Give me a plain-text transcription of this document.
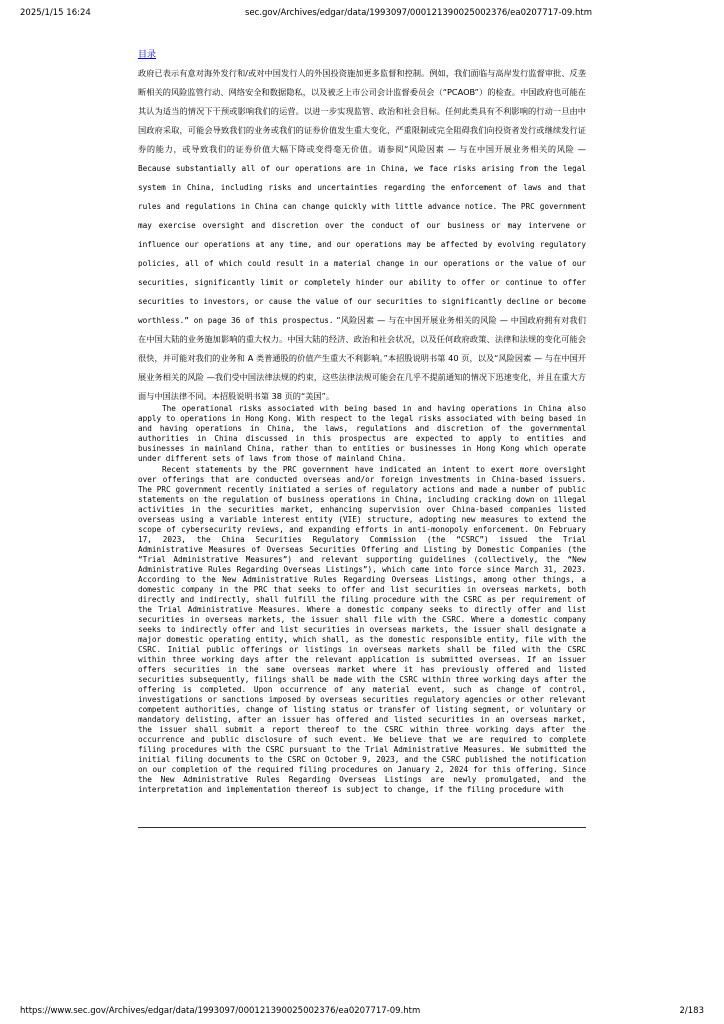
2025/1/15 16:24	sec.gov/Archives/edgar/data/1993097/000121390025002376/ea0207717-09.htm
目录

政府已表示有意对海外发行和/或对中国发行人的外国投资施加更多监督和控制。例如，我们面临与高岸发行监督审批、反垄断相关的风险监管行动、网络安全和数据隐私，以及被乏上市公司会计监督委员会（“PCAOB”）的检查。中国政府也可能在其认为适当的情况下干预或影响我们的运营。以进一步实现监管、政治和社会目标。任何此类具有不利影响的行动一旦由中国政府采取，可能会导致我们的业务或我们的证券价值发生重大变化，严重限制或完全阻碍我们向投资者发行或继续发行证券的能力，或导致我们的证券价值大幅下降或变得毫无价值。请参阅“风险因素 — 与在中国开展业务相关的风险 — Because substantially all of our operations are in China, we face risks arising from the legal system in China, including risks and uncertainties regarding the enforcement of laws and that rules and regulations in China can change quickly with little advance notice. The PRC government may exercise oversight and discretion over the conduct of our business or may intervene or influence our operations at any time, and our operations may be affected by evolving regulatory policies, all of which could result in a material change in our operations or the value of our securities, significantly limit or completely hinder our ability to offer or continue to offer securities to investors, or cause the value of our securities to significantly decline or become worthless.” on page 36 of this prospectus. “风险因素 — 与在中国开展业务相关的风险 — 中国政府拥有对我们在中国大陆的业务施加影响的重大权力。中国大陆的经济、政治和社会状况，以及任何政府政策、法律和法规的变化可能会很快，并可能对我们的业务和 A 类普通股的价值产生重大不利影响。”本招股说明书第 40 页，以及“风险因素 — 与在中国开展业务相关的风险 —我们受中国法律法规的约束，这些法律法规可能会在几乎不提前通知的情况下迅速变化，并且在重大方面与中国法律不同。本招股说明书第 38 页的“美国”。

The operational risks associated with being based in and having operations in China also apply to operations in Hong Kong. With respect to the legal risks associated with being based in and having operations in China, the laws, regulations and discretion of the governmental authorities in China discussed in this prospectus are expected to apply to entities and businesses in mainland China, rather than to entities or businesses in Hong Kong which operate under different sets of laws from those of mainland China.

Recent statements by the PRC government have indicated an intent to exert more oversight over offerings that are conducted overseas and/or foreign investments in China-based issuers. The PRC government recently initiated a series of regulatory actions and made a number of public statements on the regulation of business operations in China, including cracking down on illegal activities in the securities market, enhancing supervision over China-based companies listed overseas using a variable interest entity (VIE) structure, adopting new measures to extend the scope of cybersecurity reviews, and expanding efforts in anti-monopoly enforcement. On February 17, 2023, the China Securities Regulatory Commission (the “CSRC”) issued the Trial Administrative Measures of Overseas Securities Offering and Listing by Domestic Companies (the “Trial Administrative Measures”) and relevant supporting guidelines (collectively, the “New Administrative Rules Regarding Overseas Listings”), which came into force since March 31, 2023. According to the New Administrative Rules Regarding Overseas Listings, among other things, a domestic company in the PRC that seeks to offer and list securities in overseas markets, both directly and indirectly, shall fulfill the filing procedure with the CSRC as per requirement of the Trial Administrative Measures. Where a domestic company seeks to directly offer and list securities in overseas markets, the issuer shall file with the CSRC. Where a domestic company seeks to indirectly offer and list securities in overseas markets, the issuer shall designate a major domestic operating entity, which shall, as the domestic responsible entity, file with the CSRC. Initial public offerings or listings in overseas markets shall be filed with the CSRC within three working days after the relevant application is submitted overseas. If an issuer offers securities in the same overseas market where it has previously offered and listed securities subsequently, filings shall be made with the CSRC within three working days after the offering is completed. Upon occurrence of any material event, such as change of control, investigations or sanctions imposed by overseas securities regulatory agencies or other relevant competent authorities, change of listing status or transfer of listing segment, or voluntary or mandatory delisting, after an issuer has offered and listed securities in an overseas market, the issuer shall submit a report thereof to the CSRC within three working days after the occurrence and public disclosure of such event. We believe that we are required to complete filing procedures with the CSRC pursuant to the Trial Administrative Measures. We submitted the initial filing documents to the CSRC on October 9, 2023, and the CSRC published the notification on our completion of the required filing procedures on January 2, 2024 for this offering. Since the New Administrative Rules Regarding Overseas Listings are newly promulgated, and the interpretation and implementation thereof is subject to change, if the filing procedure with

https://www.sec.gov/Archives/edgar/data/1993097/000121390025002376/ea0207717-09.htm	2/183
